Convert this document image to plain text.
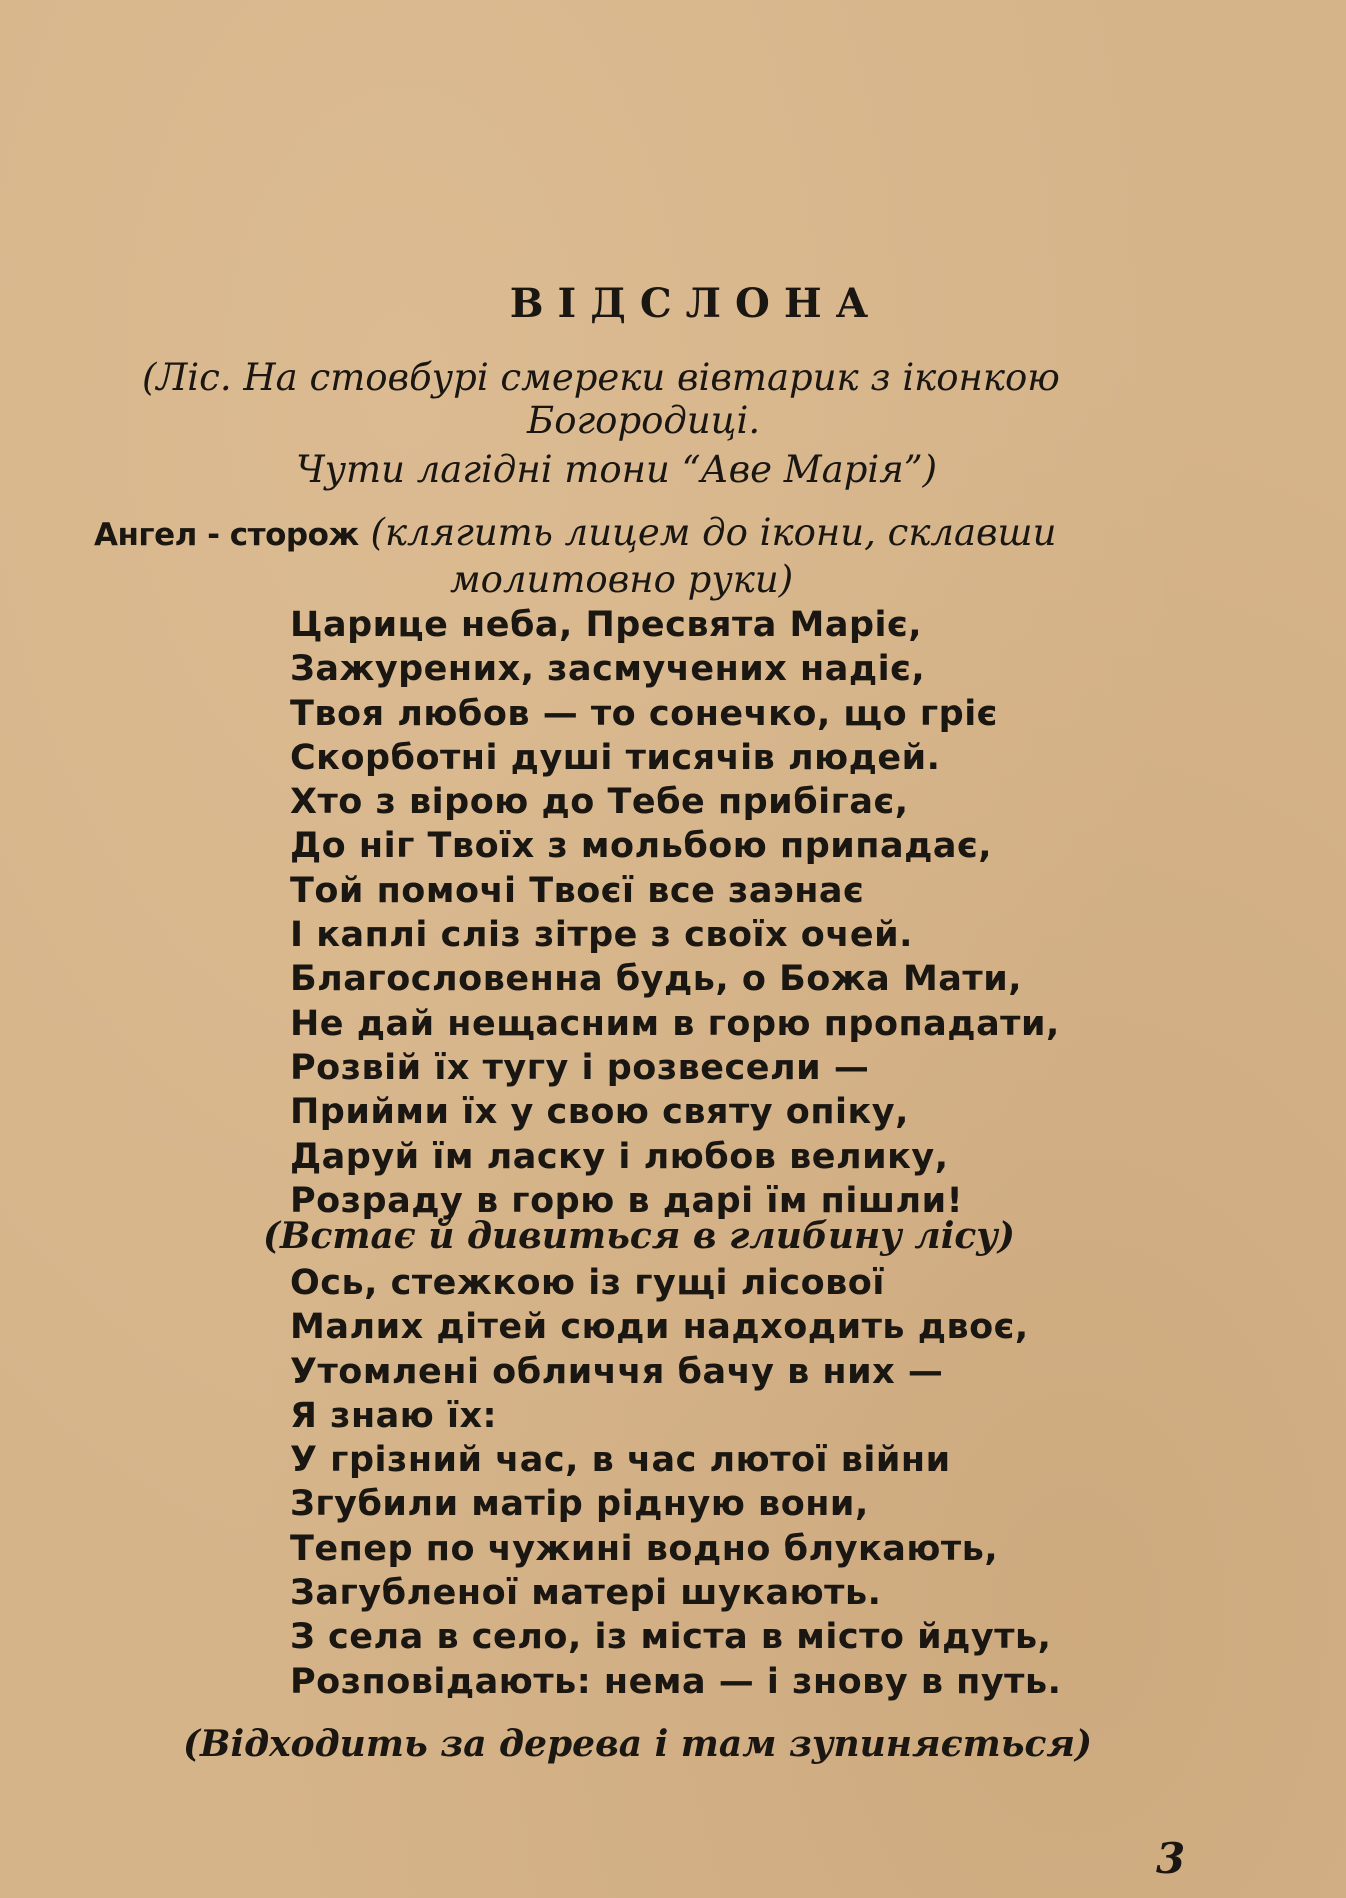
ВІДСЛОНА
(Ліс. На стовбурі смереки вівтарик з іконкою
Богородиці.
Чути лагідні тони “Аве Марія”)
Ангел - сторож (клягить лицем до ікони, склавши
молитовно руки)
Царице неба, Пресвята Маріє,
Зажурених, засмучених надіє,
Твоя любов — то сонечко, що гріє
Скорботні душі тисячів людей.
Хто з вірою до Тебе прибігає,
До ніг Твоїх з мольбою припадає,
Той помочі Твоєї все заэнає
І каплі сліз зітре з своїх очей.
Благословенна будь, о Божа Мати,
Не дай нещасним в горю пропадати,
Розвій їх тугу і розвесели —
Прийми їх у свою святу опіку,
Даруй їм ласку і любов велику,
Розраду в горю в дарі їм пішли!
(Встає й дивиться в глибину лісу)
Ось, стежкою із гущі лісової
Малих дітей сюди надходить двоє,
Утомлені обличчя бачу в них —
Я знаю їх:
У грізний час, в час лютої війни
Згубили матір рідную вони,
Тепер по чужині водно блукають,
Загубленої матері шукають.
З села в село, із міста в місто йдуть,
Розповідають: нема — і знову в путь.
(Відходить за дерева і там зупиняється)
3
